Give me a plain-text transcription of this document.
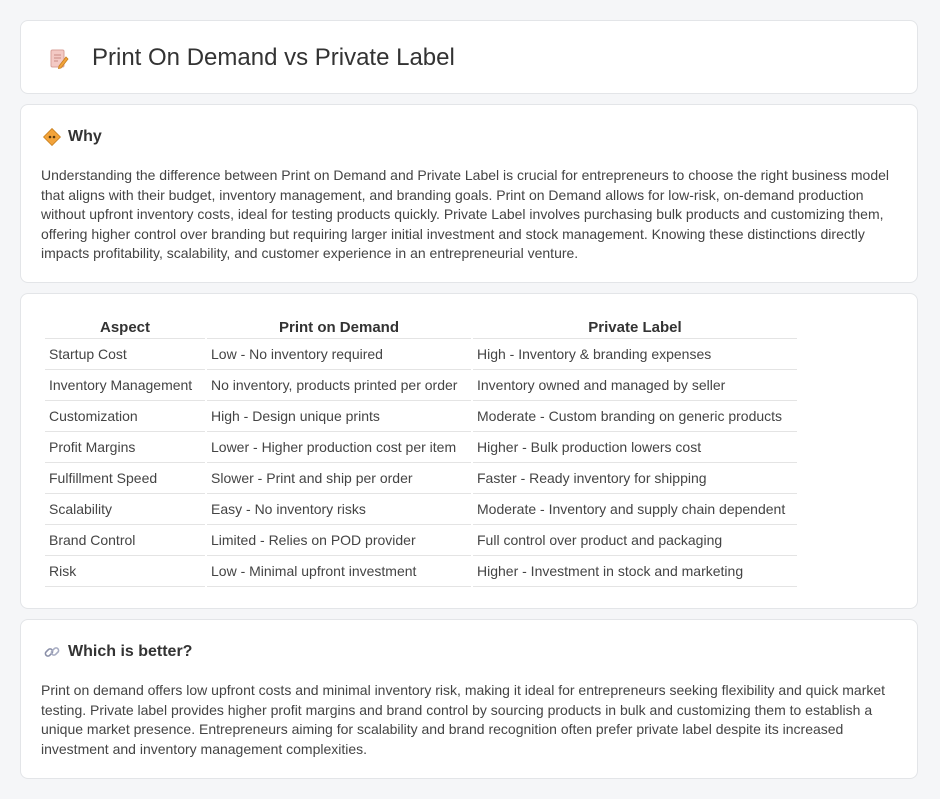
Print On Demand vs Private Label
Why

Understanding the difference between Print on Demand and Private Label is crucial for entrepreneurs to choose the right business model that aligns with their budget, inventory management, and branding goals. Print on Demand allows for low-risk, on-demand production without upfront inventory costs, ideal for testing products quickly. Private Label involves purchasing bulk products and customizing them, offering higher control over branding but requiring larger initial investment and stock management. Knowing these distinctions directly impacts profitability, scalability, and customer experience in an entrepreneurial venture.

Aspect	Print on Demand	Private Label
Startup Cost	Low - No inventory required	High - Inventory & branding expenses
Inventory Management	No inventory, products printed per order	Inventory owned and managed by seller
Customization	High - Design unique prints	Moderate - Custom branding on generic products
Profit Margins	Lower - Higher production cost per item	Higher - Bulk production lowers cost
Fulfillment Speed	Slower - Print and ship per order	Faster - Ready inventory for shipping
Scalability	Easy - No inventory risks	Moderate - Inventory and supply chain dependent
Brand Control	Limited - Relies on POD provider	Full control over product and packaging
Risk	Low - Minimal upfront investment	Higher - Investment in stock and marketing
Which is better?

Print on demand offers low upfront costs and minimal inventory risk, making it ideal for entrepreneurs seeking flexibility and quick market testing. Private label provides higher profit margins and brand control by sourcing products in bulk and customizing them to establish a unique market presence. Entrepreneurs aiming for scalability and brand recognition often prefer private label despite its increased investment and inventory management complexities.
